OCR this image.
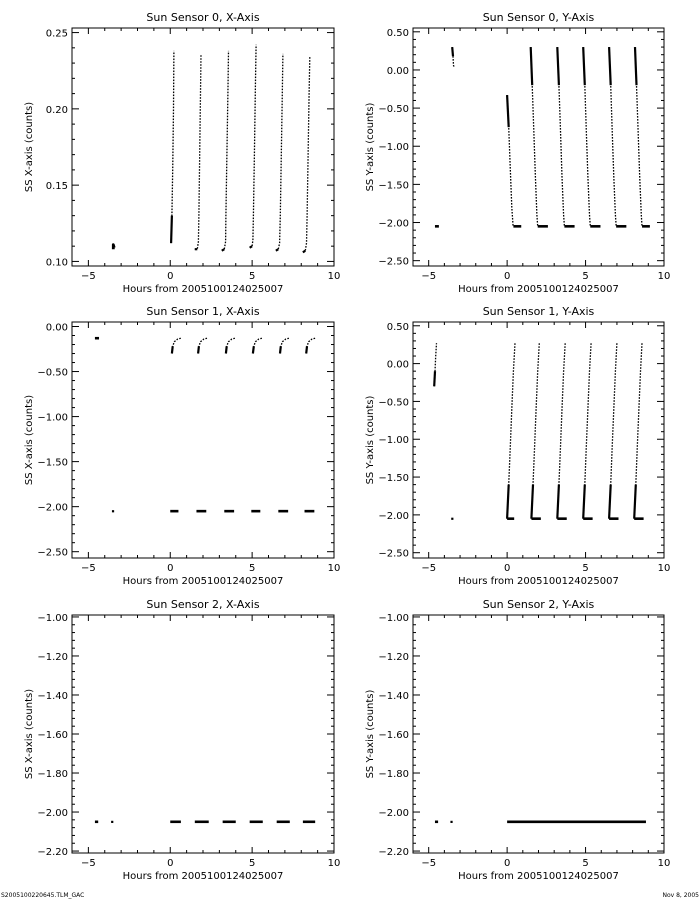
Sun Sensor 0, X-Axis
Hours from 200510012402500​7
SS X-axis (counts)
−5	0	5	10
0.10
0.15
0.20
0.25
Sun Sensor 0, Y-Axis
Hours from 200510012402500​7
SS Y-axis (counts)
−5	0	5	10
−2.50
−2.00
−1.50
−1.00
−0.50
0.00
0.50
Sun Sensor 1, X-Axis
Hours from 200510012402500​7
SS X-axis (counts)
−5	0	5	10
−2.50
−2.00
−1.50
−1.00
−0.50
0.00
Sun Sensor 1, Y-Axis
Hours from 200510012402500​7
SS Y-axis (counts)
−5	0	5	10
−2.50
−2.00
−1.50
−1.00
−0.50
0.00
0.50
Sun Sensor 2, X-Axis
Hours from 200510012402500​7
SS X-axis (counts)
−5	0	5	10
−2.20
−2.00
−1.80
−1.60
−1.40
−1.20
−1.00
Sun Sensor 2, Y-Axis
Hours from 200510012402500​7
SS Y-axis (counts)
−5	0	5	10
−2.20
−2.00
−1.80
−1.60
−1.40
−1.20
−1.00
S2005100220645.TLM_GAC	Nov 8, 2005
